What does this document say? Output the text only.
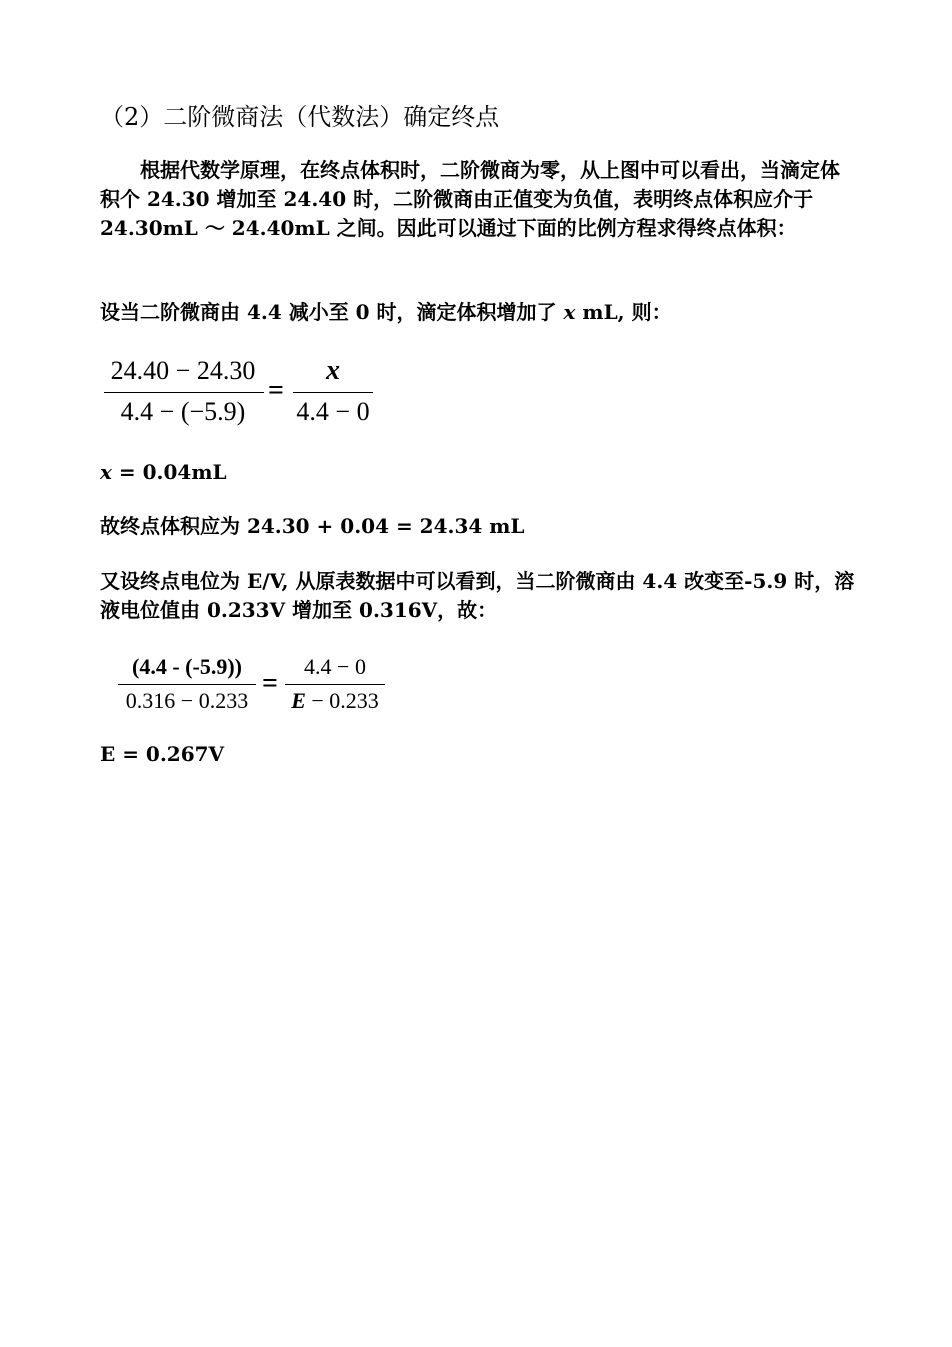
（2）二阶微商法（代数法）确定终点
根据代数学原理，在终点体积时，二阶微商为零，从上图中可以看出，当滴定体积个 24.30 增加至 24.40 时，二阶微商由正值变为负值，表明终点体积应介于 24.30mL ～ 24.40mL 之间。因此可以通过下面的比例方程求得终点体积：
设当二阶微商由 4.4 减小至 0 时，滴定体积增加了 x mL, 则：
24.40 − 24.30
4.4 − (−5.9)
=
x
4.4 − 0
x = 0.04mL
故终点体积应为 24.30 + 0.04 = 24.34 mL
又设终点电位为 E/V, 从原表数据中可以看到，当二阶微商由 4.4 改变至-5.9 时，溶液电位值由 0.233V 增加至 0.316V，故：
(4.4 - (-5.9))
0.316 − 0.233
=
4.4 − 0
E − 0.233
E = 0.267V
